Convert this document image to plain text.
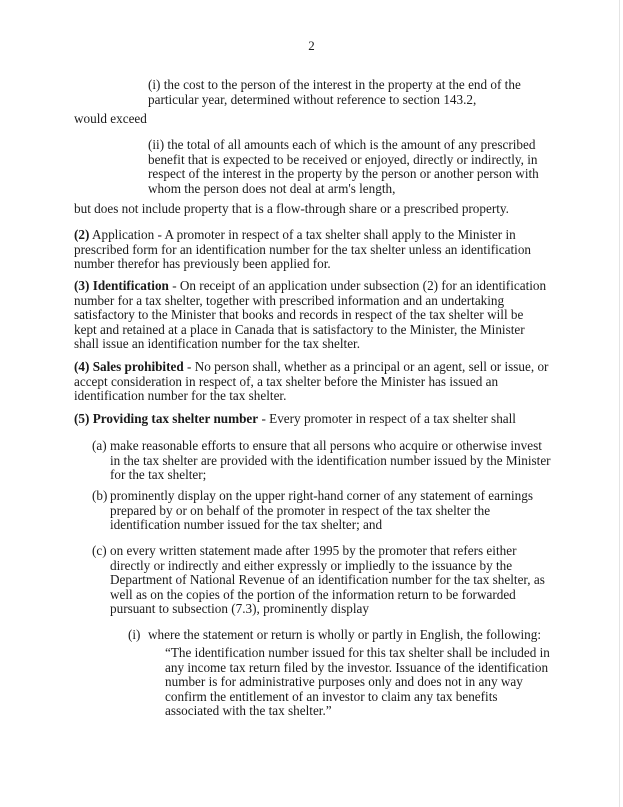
2

(i) the cost to the person of the interest in the property at the end of the particular year, determined without reference to section 143.2,

would exceed

(ii) the total of all amounts each of which is the amount of any prescribed benefit that is expected to be received or enjoyed, directly or indirectly, in respect of the interest in the property by the person or another person with whom the person does not deal at arm's length,

but does not include property that is a flow-through share or a prescribed property.

(2) Application - A promoter in respect of a tax shelter shall apply to the Minister in prescribed form for an identification number for the tax shelter unless an identification number therefor has previously been applied for.

(3) Identification - On receipt of an application under subsection (2) for an identification number for a tax shelter, together with prescribed information and an undertaking satisfactory to the Minister that books and records in respect of the tax shelter will be kept and retained at a place in Canada that is satisfactory to the Minister, the Minister shall issue an identification number for the tax shelter.

(4) Sales prohibited - No person shall, whether as a principal or an agent, sell or issue, or accept consideration in respect of, a tax shelter before the Minister has issued an identification number for the tax shelter.

(5) Providing tax shelter number - Every promoter in respect of a tax shelter shall

(a) make reasonable efforts to ensure that all persons who acquire or otherwise invest in the tax shelter are provided with the identification number issued by the Minister for the tax shelter;
(b) prominently display on the upper right-hand corner of any statement of earnings prepared by or on behalf of the promoter in respect of the tax shelter the identification number issued for the tax shelter; and
(c) on every written statement made after 1995 by the promoter that refers either directly or indirectly and either expressly or impliedly to the issuance by the Department of National Revenue of an identification number for the tax shelter, as well as on the copies of the portion of the information return to be forwarded pursuant to subsection (7.3), prominently display
(i) where the statement or return is wholly or partly in English, the following:

“The identification number issued for this tax shelter shall be included in any income tax return filed by the investor. Issuance of the identification number is for administrative purposes only and does not in any way confirm the entitlement of an investor to claim any tax benefits associated with the tax shelter.”
